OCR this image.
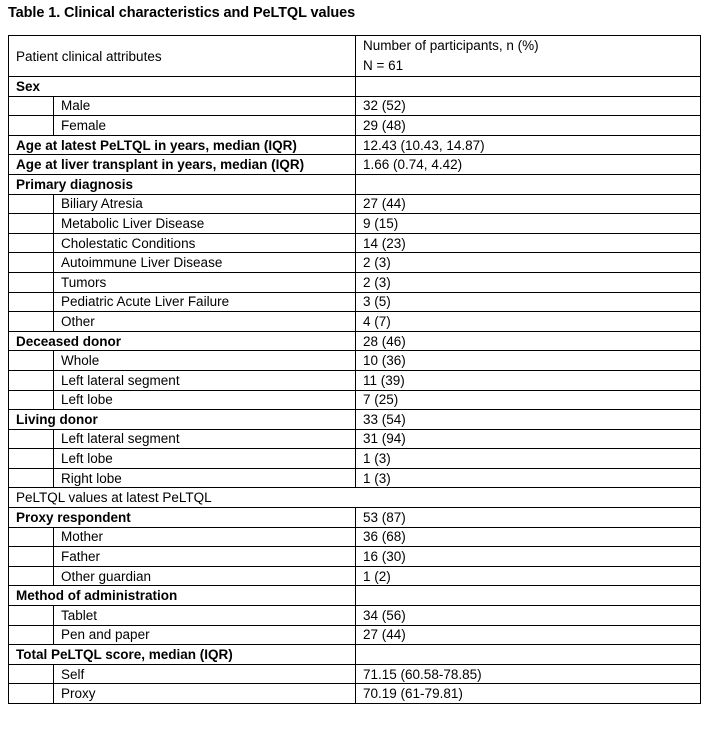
Table 1. Clinical characteristics and PeLTQL values
Patient clinical attributes		Number of participants, n (%)
N = 61

Sex		
	Male	32 (52)
	Female	29 (48)
Age at latest PeLTQL in years, median (IQR)		12.43 (10.43, 14.87)
Age at liver transplant in years, median (IQR)		1.66 (0.74, 4.42)
Primary diagnosis		
	Biliary Atresia	27 (44)
	Metabolic Liver Disease	9 (15)
	Cholestatic Conditions	14 (23)
	Autoimmune Liver Disease	2 (3)
	Tumors	2 (3)
	Pediatric Acute Liver Failure	3 (5)
	Other	4 (7)
Deceased donor		28 (46)
	Whole	10 (36)
	Left lateral segment	11 (39)
	Left lobe	7 (25)
Living donor		33 (54)
	Left lateral segment	31 (94)
	Left lobe	1 (3)
	Right lobe	1 (3)
PeLTQL values at latest PeLTQL		
Proxy respondent		53 (87)
	Mother	36 (68)
	Father	16 (30)
	Other guardian	1 (2)
Method of administration		
	Tablet	34 (56)
	Pen and paper	27 (44)
Total PeLTQL score, median (IQR)		
	Self	71.15 (60.58-78.85)
	Proxy	70.19 (61-79.81)
